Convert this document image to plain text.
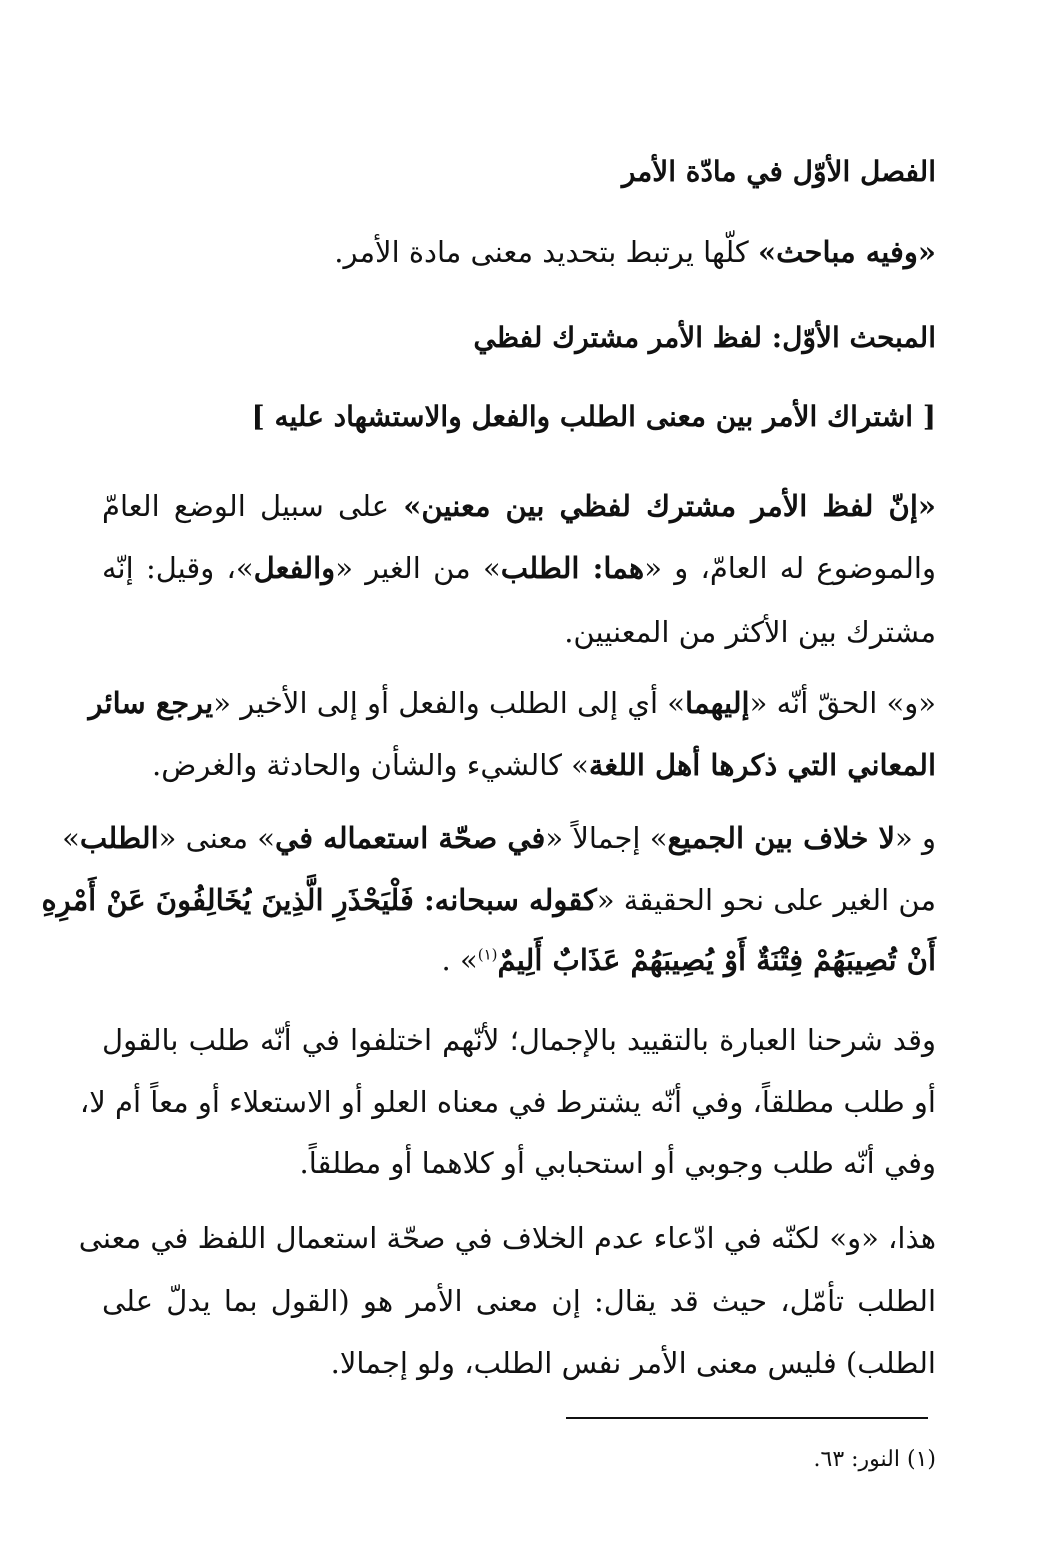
الفصل الأوّل في مادّة الأمر
«وفيه مباحث» كلّها يرتبط بتحديد معنى مادة الأمر.
المبحث الأوّل: لفظ الأمر مشترك لفظي
[ اشتراك الأمر بين معنى الطلب والفعل والاستشهاد عليه ]
«إنّ لفظ الأمر مشترك لفظي بين معنين» على سبيل الوضع العامّ
والموضوع له العامّ، و «هما: الطلب» من الغير «والفعل»، وقيل: إنّه
مشترك بين الأكثر من المعنيين.
«و» الحقّ أنّه «إليهما» أي إلى الطلب والفعل أو إلى الأخير «يرجع سائر
المعاني التي ذكرها أهل اللغة» كالشيء والشأن والحادثة والغرض.
و «لا خلاف بين الجميع» إجمالاً «في صحّة استعماله في» معنى «الطلب»
من الغير على نحو الحقيقة «كقوله سبحانه: فَلْيَحْذَرِ الَّذِينَ يُخَالِفُونَ عَنْ أَمْرِهِ
أَنْ تُصِيبَهُمْ فِتْنَةٌ أَوْ يُصِيبَهُمْ عَذَابٌ أَلِيمٌ$^{(١)}$» .
وقد شرحنا العبارة بالتقييد بالإجمال؛ لأنّهم اختلفوا في أنّه طلب بالقول
أو طلب مطلقاً، وفي أنّه يشترط في معناه العلو أو الاستعلاء أو معاً أم لا،
وفي أنّه طلب وجوبي أو استحبابي أو كلاهما أو مطلقاً.
هذا، «و» لكنّه في ادّعاء عدم الخلاف في صحّة استعمال اللفظ في معنى
الطلب تأمّل، حيث قد يقال: إن معنى الأمر هو (القول بما يدلّ على
الطلب) فليس معنى الأمر نفس الطلب، ولو إجمالا.
(١) النور: ٦٣.
